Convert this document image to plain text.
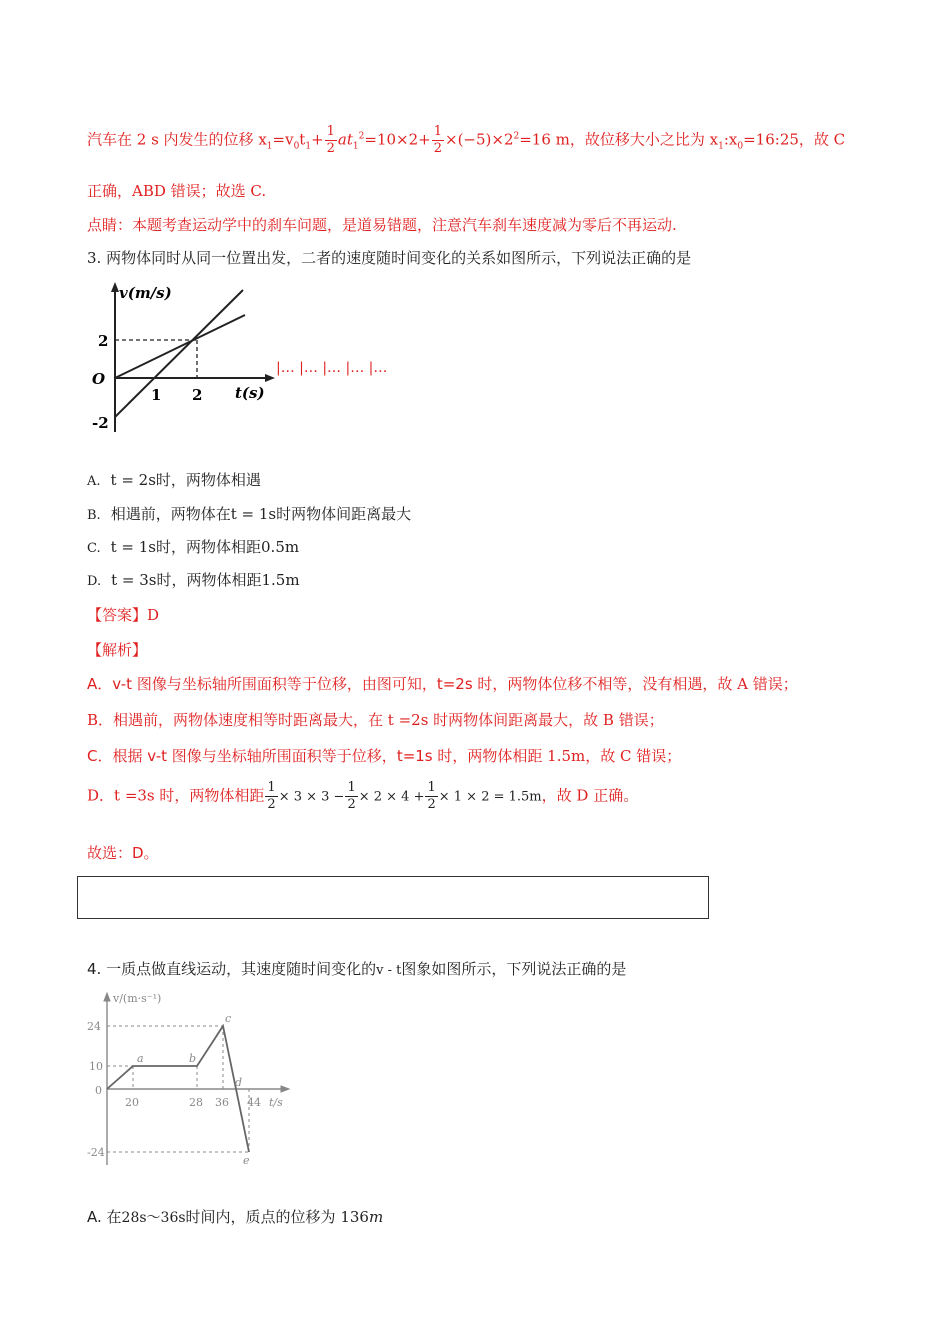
汽车在 2 s 内发生的位移 $x_1=v_0t_1+ \frac{1}{2} at_1^2=10\times 2+ \frac{1}{2} \times(-5)\times 2^2=16$ m，故位移大小之比为 $x_1:x_0=16:25$，故 C
正确，ABD 错误；故选 C.
点睛：本题考查运动学中的刹车问题，是道易错题，注意汽车刹车速度减为零后不再运动.
3. 两物体同时从同一位置出发，二者的速度随时间变化的关系如图所示，下列说法正确的是
v(m/s)
2
O
-2
1 2 t(s)
|… |… |… |… |…
A. t = 2s时，两物体相遇
B. 相遇前，两物体在t = 1s时两物体间距离最大
C. t = 1s时，两物体相距0.5m
D. t = 3s时，两物体相距1.5m
【答案】D
【解析】
A．v-t 图像与坐标轴所围面积等于位移，由图可知，t=2s 时，两物体位移不相等，没有相遇，故 A 错误；
B．相遇前，两物体速度相等时距离最大，在 t =2s 时两物体间距离最大，故 B 错误；
C．根据 v-t 图像与坐标轴所围面积等于位移，t=1s 时，两物体相距 1.5m，故 C 错误；
D．t =3s 时，两物体相距 $\frac{1}{2} \times 3 \times 3 - \frac{1}{2} \times 2 \times 4 + \frac{1}{2} \times 1 \times 2 = 1.5m$，故 D 正确。
故选：D。
4. 一质点做直线运动，其速度随时间变化的v - t图象如图所示，下列说法正确的是
v/(m·s⁻¹)
24
10
0
-24
20	28 36 44 t/s
a	b
c
d
e
A. 在28s～36s时间内，质点的位移为 136m
